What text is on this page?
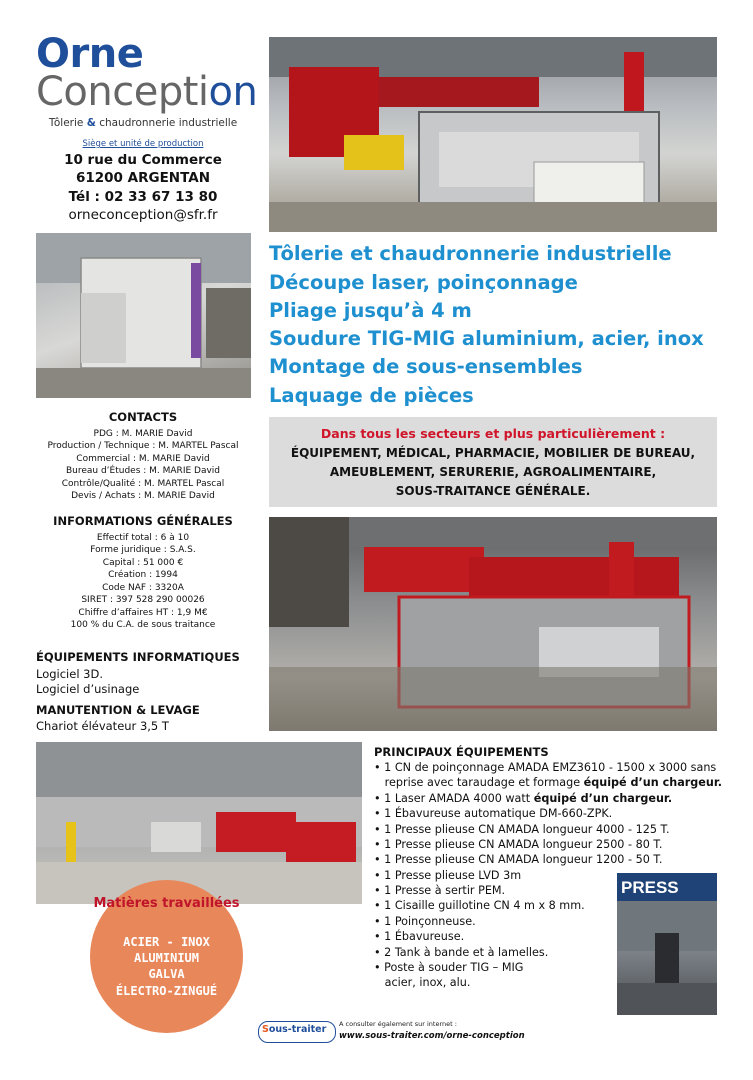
Orne
Conception
Tôlerie & chaudronnerie industrielle
Siège et unité de production
10 rue du Commerce
61200 ARGENTAN
Tél : 02 33 67 13 80
orneconception@sfr.fr
PRESS
Tôlerie et chaudronnerie industrielle
Découpe laser, poinçonnage
Pliage jusqu’à 4 m
Soudure TIG-MIG aluminium, acier, inox
Montage de sous-ensembles
Laquage de pièces
Dans tous les secteurs et plus particulièrement :
ÉQUIPEMENT, MÉDICAL, PHARMACIE, MOBILIER DE BUREAU,
AMEUBLEMENT, SERURERIE, AGROALIMENTAIRE,
SOUS-TRAITANCE GÉNÉRALE.
CONTACTS
PDG : M. MARIE David
Production / Technique : M. MARTEL Pascal
Commercial : M. MARIE David
Bureau d’Études : M. MARIE David
Contrôle/Qualité : M. MARTEL Pascal
Devis / Achats : M. MARIE David
INFORMATIONS GÉNÉRALES
Effectif total : 6 à 10
Forme juridique : S.A.S.
Capital : 51 000 €
Création : 1994
Code NAF : 3320A
SIRET : 397 528 290 00026
Chiffre d’affaires HT : 1,9 M€
100 % du C.A. de sous traitance
ÉQUIPEMENTS INFORMATIQUES
Logiciel 3D.
Logiciel d’usinage
MANUTENTION & LEVAGE
Chariot élévateur 3,5 T
PRINCIPAUX ÉQUIPEMENTS
• 1 CN de poinçonnage AMADA EMZ3610 - 1500 x 3000 sans
reprise avec taraudage et formage équipé d’un chargeur.
• 1 Laser AMADA 4000 watt équipé d’un chargeur.
• 1 Ébavureuse automatique DM-660-ZPK.
• 1 Presse plieuse CN AMADA longueur 4000 - 125 T.
• 1 Presse plieuse CN AMADA longueur 2500 - 80 T.
• 1 Presse plieuse CN AMADA longueur 1200 - 50 T.
• 1 Presse plieuse LVD 3m
• 1 Presse à sertir PEM.
• 1 Cisaille guillotine CN 4 m x 8 mm.
• 1 Poinçonneuse.
• 1 Ébavureuse.
• 2 Tank à bande et à lamelles.
• Poste à souder TIG – MIG
acier, inox, alu.
Matières travaillées
ACIER - INOX
ALUMINIUM
GALVA
ÉLECTRO-ZINGUÉ
Sous-traiter A consulter également sur internet :
www.sous-traiter.com/orne-conception
